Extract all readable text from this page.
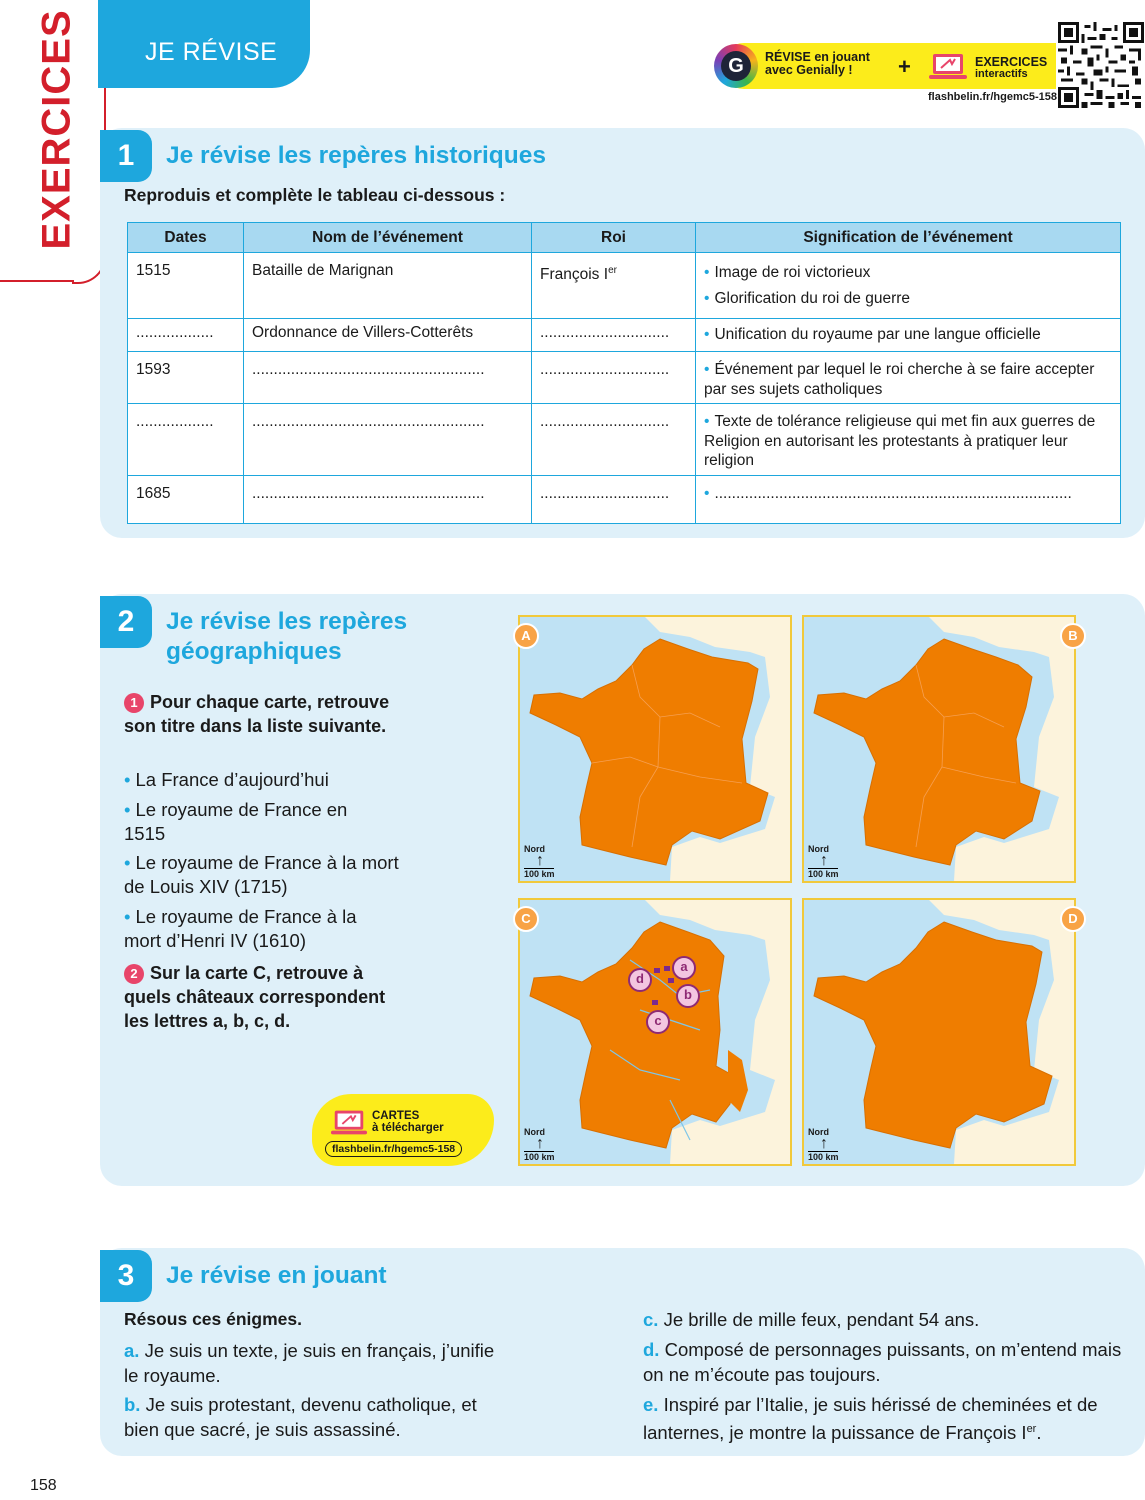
EXERCICES	JE RÉVISE	G	RÉVISE en jouant
avec Genially !	+	EXERCICES
interactifs
flashbelin.fr/hgemc5-158
1	Je révise les repères historiques
Reproduis et complète le tableau ci-dessous :
Dates	Nom de l’événement	Roi	Signification de l’événement
1515	Bataille de Marignan	François Ier	• Image de roi victorieux
• Glorification du roi de guerre

..................	Ordonnance de Villers-Cotterêts	..............................	• Unification du royaume par une langue officielle
1593	......................................................	..............................	• Événement par lequel le roi cherche à se faire accepter par ses sujets catholiques
..................	......................................................	..............................	• Texte de tolérance religieuse qui met fin aux guerres de Religion en autorisant les protestants à pratiquer leur religion
1685	......................................................	..............................	• ...................................................................................
2	Je révise les repères
géographiques
1 Pour chaque carte, retrouve son titre dans la liste suivante.
• La France d’aujourd’hui
• Le royaume de France en 1515
• Le royaume de France à la mort de Louis XIV (1715)
• Le royaume de France à la mort d’Henri IV (1610)
2 Sur la carte C, retrouve à quels châteaux correspondent les lettres a, b, c, d.
CARTES
à télécharger
flashbelin.fr/hgemc5-158
A
Nord
↑
100 km
B
Nord
↑
100 km
C
a
b
c
d
Nord
↑
100 km
D
Nord
↑
100 km
3	Je révise en jouant
Résous ces énigmes.
a. Je suis un texte, je suis en français, j’unifie le royaume.
b. Je suis protestant, devenu catholique, et bien que sacré, je suis assassiné.
c. Je brille de mille feux, pendant 54 ans.
d. Composé de personnages puissants, on m’entend mais on ne m’écoute pas toujours.
e. Inspiré par l’Italie, je suis hérissé de cheminées et de lanternes, je montre la puissance de François Ier.
158
